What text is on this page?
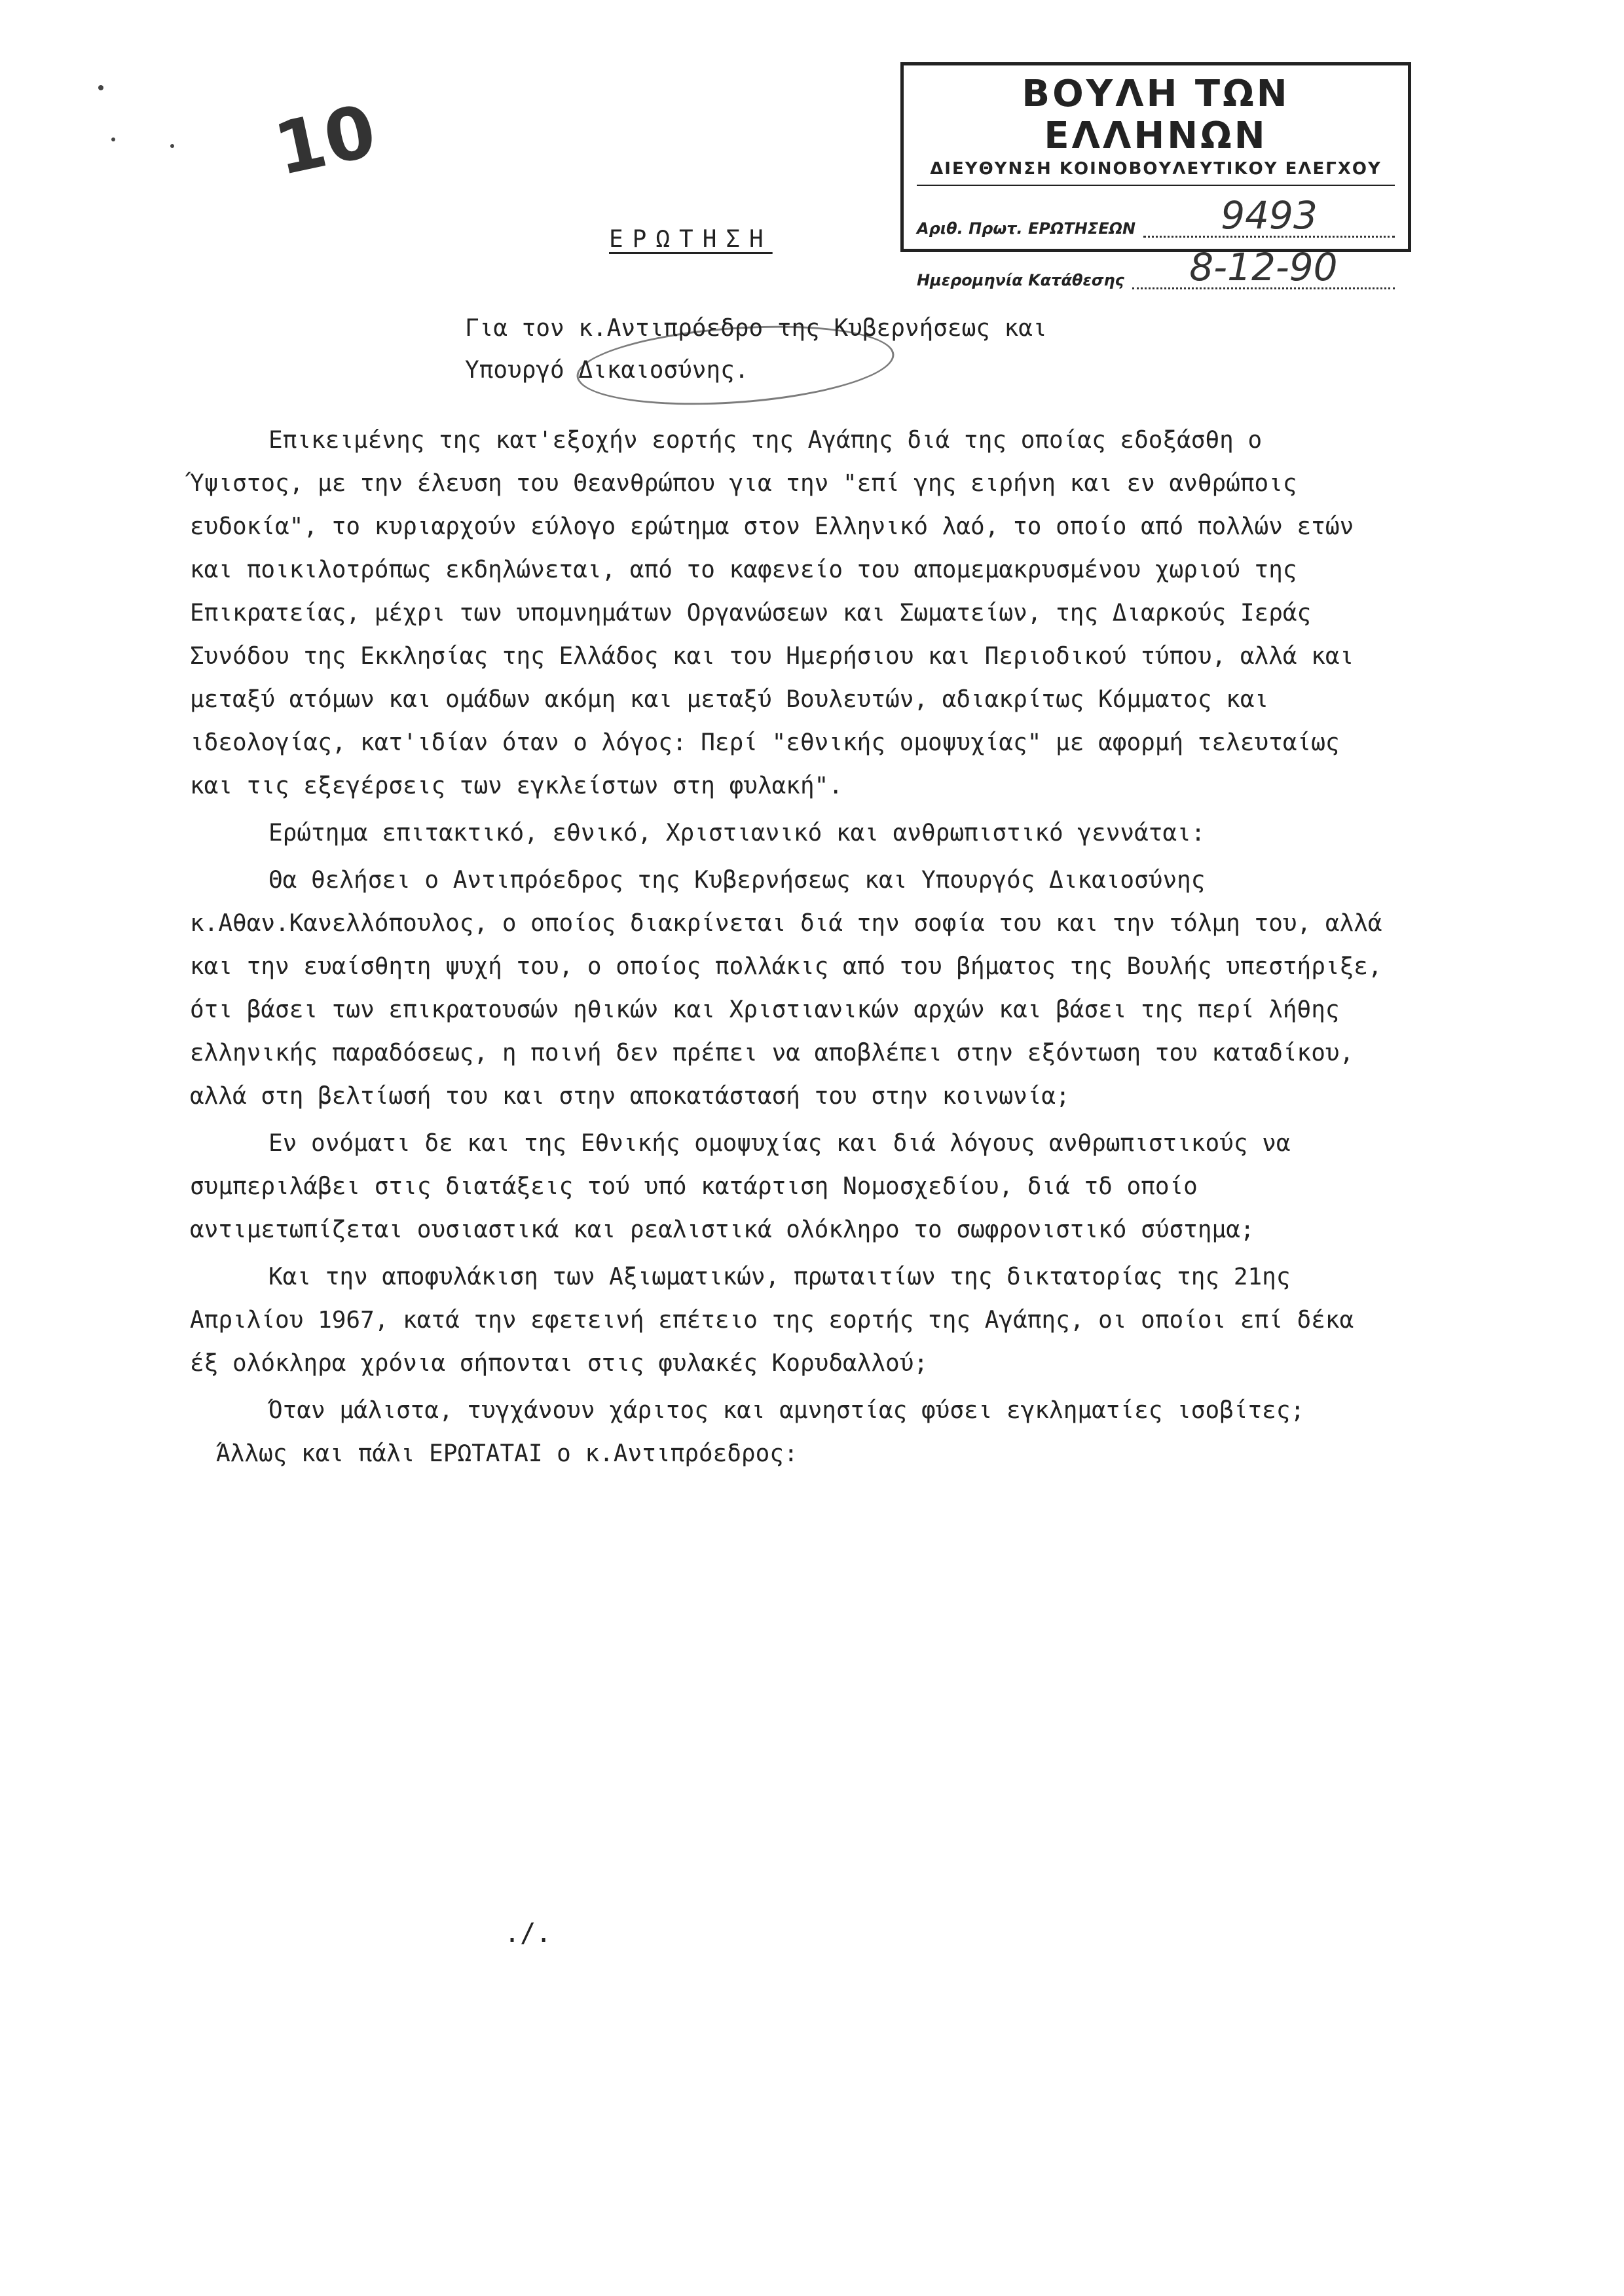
10	ΒΟΥΛΗ ΤΩΝ ΕΛΛΗΝΩΝ
ΔΙΕΥΘΥΝΣΗ ΚΟΙΝΟΒΟΥΛΕΥΤΙΚΟΥ ΕΛΕΓΧΟΥ
Αριθ. Πρωτ. ΕΡΩΤΗΣΕΩΝ	9493
Ημερομηνία Κατάθεσης	8-12-90
ΕΡΩΤΗΣΗ
Για τον κ.Αντιπρόεδρο της Κυβερνήσεως και
Υπουργό Δικαιοσύνης.

Επικειμένης της κατ'εξοχήν εορτής της Αγάπης διά της οποίας εδοξάσθη ο Ύψιστος, με την έλευση του Θεανθρώπου για την "επί γης ειρήνη και εν ανθρώποις ευδοκία", το κυριαρχούν εύλογο ερώτημα στον Ελληνικό λαό, το οποίο από πολλών ετών και ποικιλοτρόπως εκδηλώνεται, από το καφενείο του απομεμακρυσμένου χωριού της Επικρατείας, μέχρι των υπομνημάτων Οργανώσεων και Σωματείων, της Διαρκούς Ιεράς Συνόδου της Εκκλησίας της Ελλάδος και του Ημερήσιου και Περιοδικού τύπου, αλλά και μεταξύ ατόμων και ομάδων ακόμη και μεταξύ Βουλευτών, αδιακρίτως Κόμματος και ιδεολογίας, κατ'ιδίαν όταν ο λόγος: Περί "εθνικής ομοψυχίας" με αφορμή τελευταίως και τις εξεγέρσεις των εγκλείστων στη φυλακή".

Ερώτημα επιτακτικό, εθνικό, Χριστιανικό και ανθρωπιστικό γεννάται:

Θα θελήσει ο Αντιπρόεδρος της Κυβερνήσεως και Υπουργός Δικαιοσύνης κ.Αθαν.Κανελλόπουλος, ο οποίος διακρίνεται διά την σοφία του και την τόλμη του, αλλά και την ευαίσθητη ψυχή του, ο οποίος πολλάκις από του βήματος της Βουλής υπεστήριξε, ότι βάσει των επικρατουσών ηθικών και Χριστιανικών αρχών και βάσει της περί λήθης ελληνικής παραδόσεως, η ποινή δεν πρέπει να αποβλέπει στην εξόντωση του καταδίκου, αλλά στη βελτίωσή του και στην αποκατάστασή του στην κοινωνία;

Εν ονόματι δε και της Εθνικής ομοψυχίας και διά λόγους ανθρωπιστικούς να συμπεριλάβει στις διατάξεις τού υπό κατάρτιση Νομοσχεδίου, διά τδ οποίο αντιμετωπίζεται ουσιαστικά και ρεαλιστικά ολόκληρο το σωφρονιστικό σύστημα;

Και την αποφυλάκιση των Αξιωματικών, πρωταιτίων της δικτατορίας της 21ης Απριλίου 1967, κατά την εφετεινή επέτειο της εορτής της Αγάπης, οι οποίοι επί δέκα έξ ολόκληρα χρόνια σήπονται στις φυλακές Κορυδαλλού;

Όταν μάλιστα, τυγχάνουν χάριτος και αμνηστίας φύσει εγκληματίες ισοβίτες;

Άλλως και πάλι ΕΡΩΤΑΤΑΙ ο κ.Αντιπρόεδρος:

./.
